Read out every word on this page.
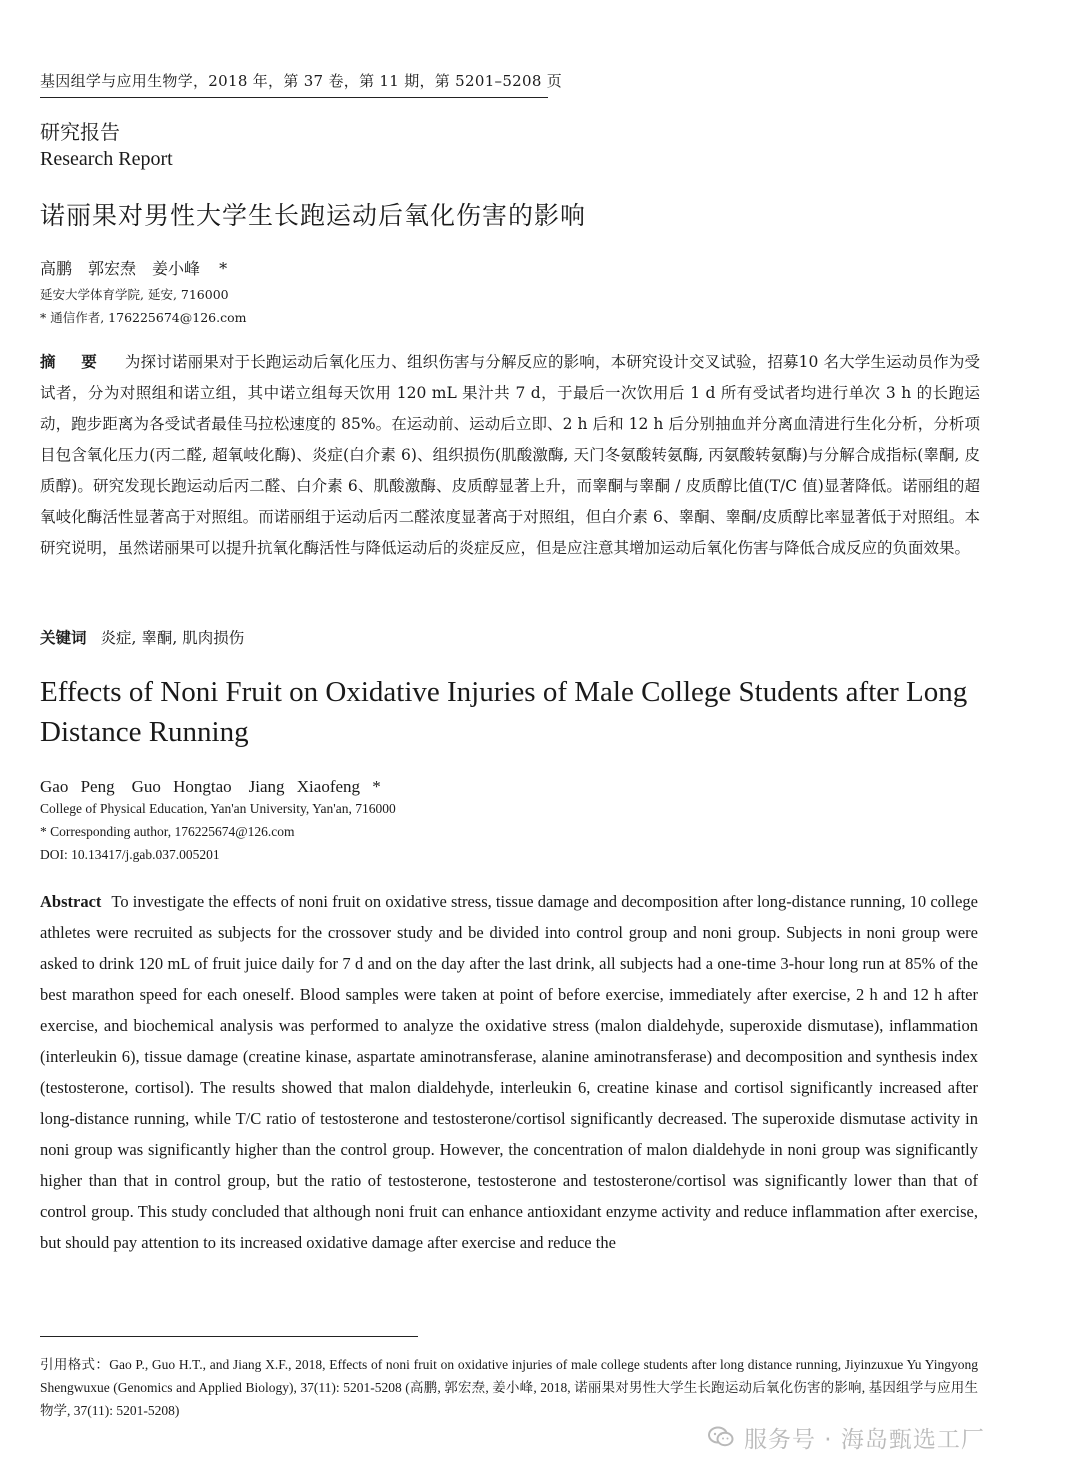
基因组学与应用生物学，2018 年，第 37 卷，第 11 期，第 5201–5208 页
研究报告
Research Report
诺丽果对男性大学生长跑运动后氧化伤害的影响
高鹏　郭宏焘　姜小峰 *
延安大学体育学院, 延安, 716000
* 通信作者, 176225674@126.com

摘 要 为探讨诺丽果对于长跑运动后氧化压力、组织伤害与分解反应的影响，本研究设计交叉试验，招募10 名大学生运动员作为受试者，分为对照组和诺立组，其中诺立组每天饮用 120 mL 果汁共 7 d，于最后一次饮用后 1 d 所有受试者均进行单次 3 h 的长跑运动，跑步距离为各受试者最佳马拉松速度的 85%。在运动前、运动后立即、2 h 后和 12 h 后分别抽血并分离血清进行生化分析，分析项目包含氧化压力(丙二醛, 超氧岐化酶)、炎症(白介素 6)、组织损伤(肌酸激酶, 天门冬氨酸转氨酶, 丙氨酸转氨酶)与分解合成指标(睾酮, 皮质醇)。研究发现长跑运动后丙二醛、白介素 6、肌酸激酶、皮质醇显著上升，而睾酮与睾酮 / 皮质醇比值(T/C 值)显著降低。诺丽组的超氧岐化酶活性显著高于对照组。而诺丽组于运动后丙二醛浓度显著高于对照组，但白介素 6、睾酮、睾酮/皮质醇比率显著低于对照组。本研究说明，虽然诺丽果可以提升抗氧化酶活性与降低运动后的炎症反应，但是应注意其增加运动后氧化伤害与降低合成反应的负面效果。

关键词 炎症, 睾酮, 肌肉损伤
Effects of Noni Fruit on Oxidative Injuries of Male College Students after Long Distance Running
Gao Peng　Guo Hongtao　Jiang Xiaofeng *
College of Physical Education, Yan'an University, Yan'an, 716000
* Corresponding author, 176225674@126.com
DOI: 10.13417/j.gab.037.005201

Abstract To investigate the effects of noni fruit on oxidative stress, tissue damage and decomposition after long-distance running, 10 college athletes were recruited as subjects for the crossover study and be divided into control group and noni group. Subjects in noni group were asked to drink 120 mL of fruit juice daily for 7 d and on the day after the last drink, all subjects had a one-time 3-hour long run at 85% of the best marathon speed for each oneself. Blood samples were taken at point of before exercise, immediately after exercise, 2 h and 12 h after exercise, and biochemical analysis was performed to analyze the oxidative stress (malon dialdehyde, superoxide dismutase), inflammation (interleukin 6), tissue damage (creatine kinase, aspartate aminotransferase, alanine aminotransferase) and decomposition and synthesis index (testosterone, cortisol). The results showed that malon dialdehyde, interleukin 6, creatine kinase and cortisol significantly increased after long-distance running, while T/C ratio of testosterone and testosterone/cortisol significantly decreased. The superoxide dismutase activity in noni group was significantly higher than the control group. However, the concentration of malon dialdehyde in noni group was significantly higher than that in control group, but the ratio of testosterone, testosterone and testosterone/cortisol was significantly lower than that of control group. This study concluded that although noni fruit can enhance antioxidant enzyme activity and reduce inflammation after exercise, but should pay attention to its increased oxidative damage after exercise and reduce the

引用格式：Gao P., Guo H.T., and Jiang X.F., 2018, Effects of noni fruit on oxidative injuries of male college students after long distance running, Jiyinzuxue Yu Yingyong Shengwuxue (Genomics and Applied Biology), 37(11): 5201-5208 (高鹏, 郭宏焘, 姜小峰, 2018, 诺丽果对男性大学生长跑运动后氧化伤害的影响, 基因组学与应用生物学, 37(11): 5201-5208)

服务号 · 海岛甄选工厂
